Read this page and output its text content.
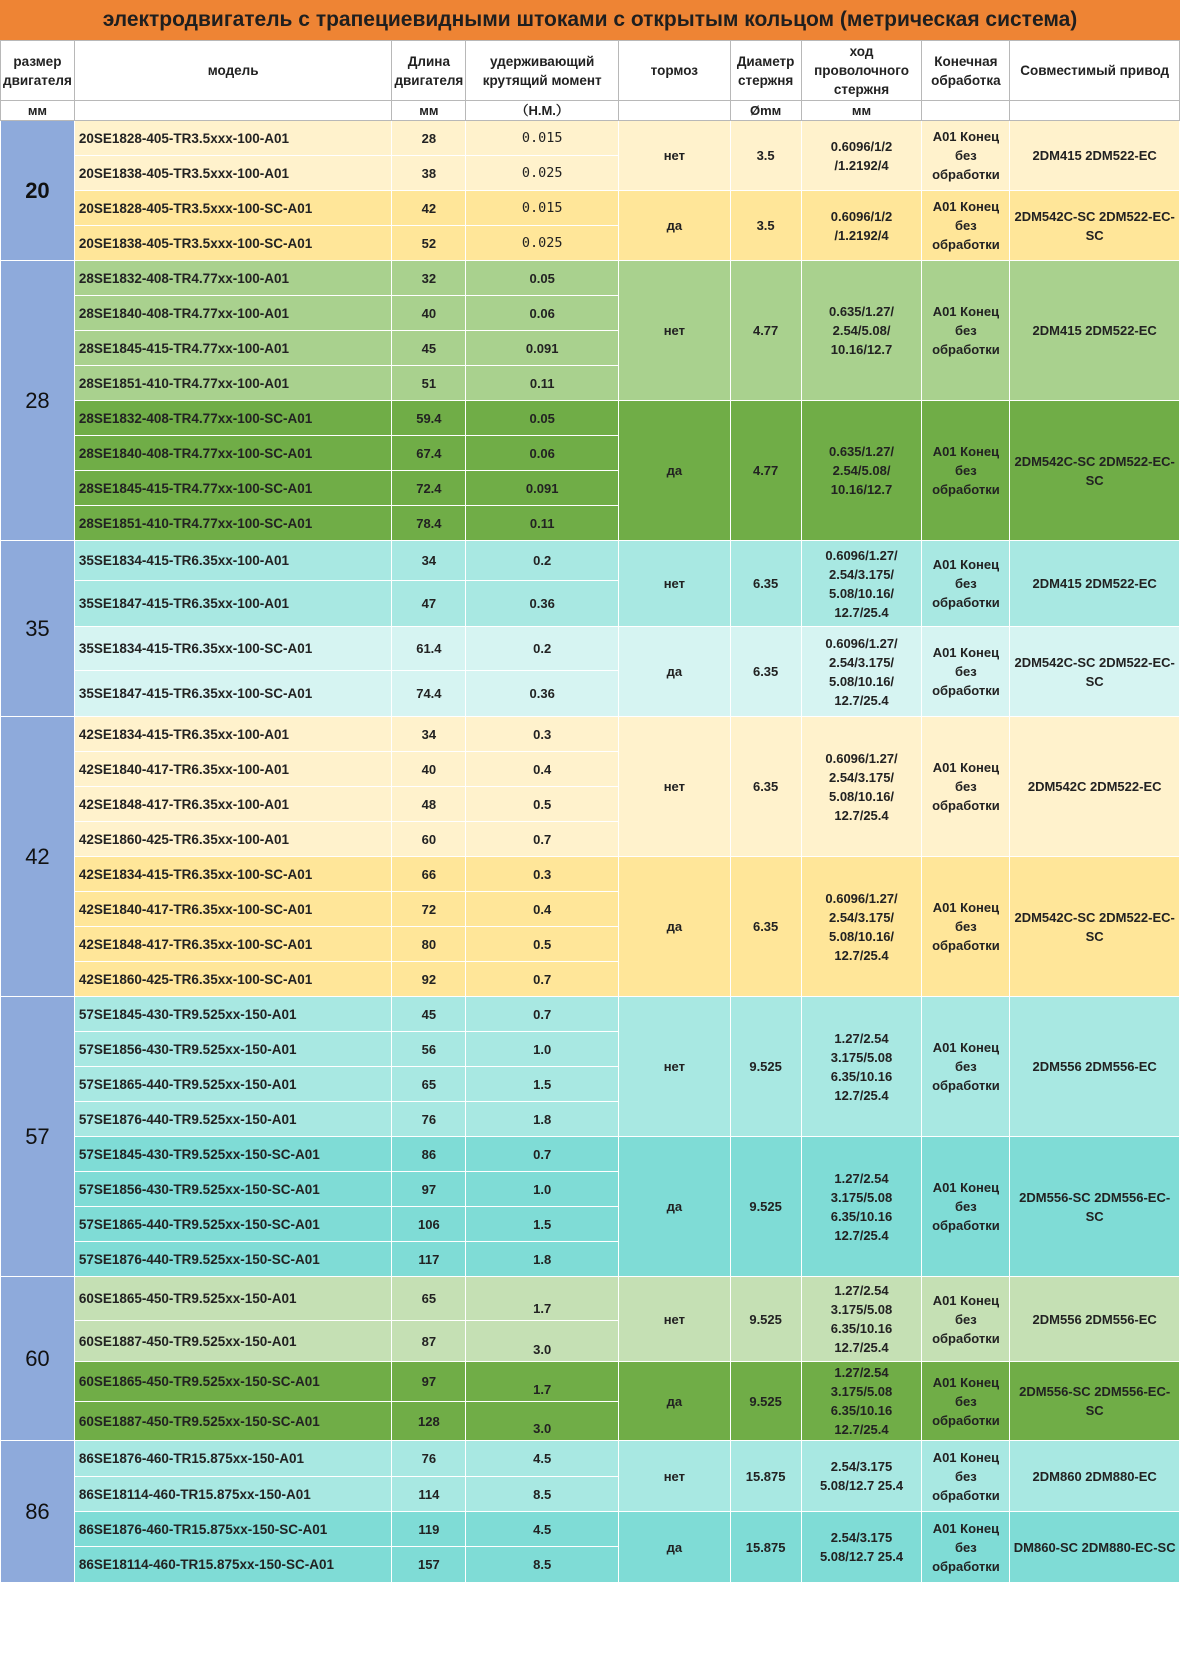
электродвигатель с трапециевидными штоками с открытым кольцом (метрическая система)
размер двигателя	модель	Длина двигателя	удерживающий крутящий момент	тормоз	Диаметр стержня	ход проволочного стержня	Конечная обработка	Совместимый привод
мм		мм	（Н.М.）		Ømм	мм		
20	20SE1828-405-TR3.5xxx-100-A01	28	0.015	нет	3.5	0.6096/1/2 /1.2192/4	A01 Конец без обработки	2DM415 2DM522-EC
	20SE1838-405-TR3.5xxx-100-A01	38	0.025					
	20SE1828-405-TR3.5xxx-100-SC-A01	42	0.015	да	3.5	0.6096/1/2 /1.2192/4	A01 Конец без обработки	2DM542C-SC 2DM522-EC-SC
	20SE1838-405-TR3.5xxx-100-SC-A01	52	0.025					
28	28SE1832-408-TR4.77xx-100-A01	32	0.05	нет	4.77	0.635/1.27/ 2.54/5.08/ 10.16/12.7	A01 Конец без обработки	2DM415 2DM522-EC
	28SE1840-408-TR4.77xx-100-A01	40	0.06					
	28SE1845-415-TR4.77xx-100-A01	45	0.091					
	28SE1851-410-TR4.77xx-100-A01	51	0.11					
	28SE1832-408-TR4.77xx-100-SC-A01	59.4	0.05	да	4.77	0.635/1.27/ 2.54/5.08/ 10.16/12.7	A01 Конец без обработки	2DM542C-SC 2DM522-EC-SC
	28SE1840-408-TR4.77xx-100-SC-A01	67.4	0.06					
	28SE1845-415-TR4.77xx-100-SC-A01	72.4	0.091					
	28SE1851-410-TR4.77xx-100-SC-A01	78.4	0.11					
35	35SE1834-415-TR6.35xx-100-A01	34	0.2	нет	6.35	0.6096/1.27/ 2.54/3.175/ 5.08/10.16/ 12.7/25.4	A01 Конец без обработки	2DM415 2DM522-EC
	35SE1847-415-TR6.35xx-100-A01	47	0.36					
	35SE1834-415-TR6.35xx-100-SC-A01	61.4	0.2	да	6.35	0.6096/1.27/ 2.54/3.175/ 5.08/10.16/ 12.7/25.4	A01 Конец без обработки	2DM542C-SC 2DM522-EC-SC
	35SE1847-415-TR6.35xx-100-SC-A01	74.4	0.36					
42	42SE1834-415-TR6.35xx-100-A01	34	0.3	нет	6.35	0.6096/1.27/ 2.54/3.175/ 5.08/10.16/ 12.7/25.4	A01 Конец без обработки	2DM542C 2DM522-EC
	42SE1840-417-TR6.35xx-100-A01	40	0.4					
	42SE1848-417-TR6.35xx-100-A01	48	0.5					
	42SE1860-425-TR6.35xx-100-A01	60	0.7					
	42SE1834-415-TR6.35xx-100-SC-A01	66	0.3	да	6.35	0.6096/1.27/ 2.54/3.175/ 5.08/10.16/ 12.7/25.4	A01 Конец без обработки	2DM542C-SC 2DM522-EC-SC
	42SE1840-417-TR6.35xx-100-SC-A01	72	0.4					
	42SE1848-417-TR6.35xx-100-SC-A01	80	0.5					
	42SE1860-425-TR6.35xx-100-SC-A01	92	0.7					
57	57SE1845-430-TR9.525xx-150-A01	45	0.7	нет	9.525	1.27/2.54 3.175/5.08 6.35/10.16 12.7/25.4	A01 Конец без обработки	2DM556 2DM556-EC
	57SE1856-430-TR9.525xx-150-A01	56	1.0					
	57SE1865-440-TR9.525xx-150-A01	65	1.5					
	57SE1876-440-TR9.525xx-150-A01	76	1.8					
	57SE1845-430-TR9.525xx-150-SC-A01	86	0.7	да	9.525	1.27/2.54 3.175/5.08 6.35/10.16 12.7/25.4	A01 Конец без обработки	2DM556-SC 2DM556-EC-SC
	57SE1856-430-TR9.525xx-150-SC-A01	97	1.0					
	57SE1865-440-TR9.525xx-150-SC-A01	106	1.5					
	57SE1876-440-TR9.525xx-150-SC-A01	117	1.8					
60	60SE1865-450-TR9.525xx-150-A01	65	1.7	нет	9.525	1.27/2.54 3.175/5.08 6.35/10.16 12.7/25.4	A01 Конец без обработки	2DM556 2DM556-EC
	60SE1887-450-TR9.525xx-150-A01	87	3.0					
	60SE1865-450-TR9.525xx-150-SC-A01	97	1.7	да	9.525	1.27/2.54 3.175/5.08 6.35/10.16 12.7/25.4	A01 Конец без обработки	2DM556-SC 2DM556-EC-SC
	60SE1887-450-TR9.525xx-150-SC-A01	128	3.0					
86	86SE1876-460-TR15.875xx-150-A01	76	4.5	нет	15.875	2.54/3.175 5.08/12.7 25.4	A01 Конец без обработки	2DM860 2DM880-EC
	86SE18114-460-TR15.875xx-150-A01	114	8.5					
	86SE1876-460-TR15.875xx-150-SC-A01	119	4.5	да	15.875	2.54/3.175 5.08/12.7 25.4	A01 Конец без обработки	DM860-SC 2DM880-EC-SC
	86SE18114-460-TR15.875xx-150-SC-A01	157	8.5					
